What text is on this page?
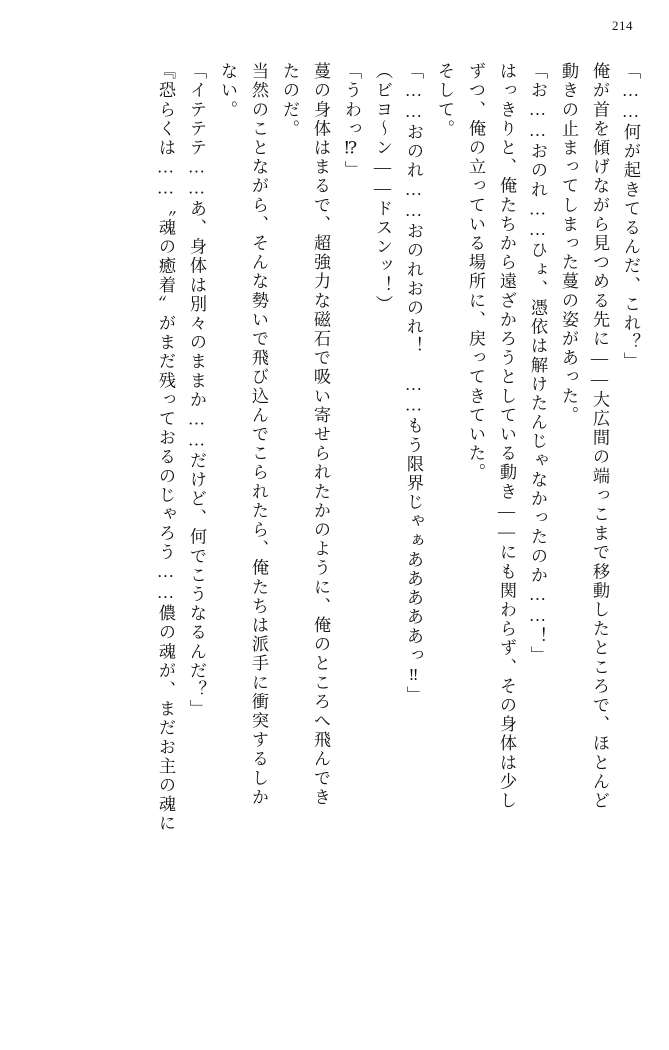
214
「……何が起きてるんだ、これ？」
俺が首を傾げながら見つめる先に——大広間の端っこまで移動したところで、ほとんど
動きの止まってしまった蔓の姿があった。
「お……おのれ……ひょ、憑依は解けたんじゃなかったのか……！」
はっきりと、俺たちから遠ざかろうとしている動き——にも関わらず、その身体は少し
ずつ、俺の立っている場所に、戻ってきていた。
そして。
「……おのれ……おのれおのれ！　……もう限界じゃぁあああああっ‼」
（ビヨ〜ン——ドスンッ！）
「うわっ⁉」
蔓の身体はまるで、超強力な磁石で吸い寄せられたかのように、俺のところへ飛んでき
たのだ。
当然のことながら、そんな勢いで飛び込んでこられたら、俺たちは派手に衝突するしか
ない。
「イテテテ……あ、身体は別々のままか……だけど、何でこうなるんだ？」
『恐らくは……〝魂の癒着〟がまだ残っておるのじゃろう……儂の魂が、まだお主の魂に
